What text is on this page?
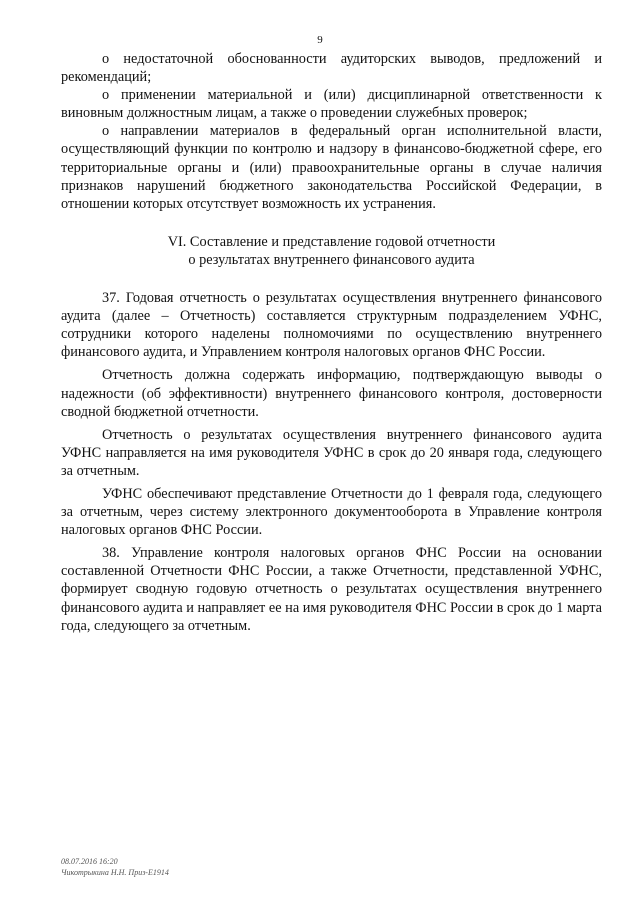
9

о недостаточной обоснованности аудиторских выводов, предложений и рекомендаций;

о применении материальной и (или) дисциплинарной ответственности к виновным должностным лицам, а также о проведении служебных проверок;

о направлении материалов в федеральный орган исполнительной власти, осуществляющий функции по контролю и надзору в финансово-бюджетной сфере, его территориальные органы и (или) правоохранительные органы в случае наличия признаков нарушений бюджетного законодательства Российской Федерации, в отношении которых отсутствует возможность их устранения.

VI. Составление и представление годовой отчетности
о результатах внутреннего финансового аудита

37. Годовая отчетность о результатах осуществления внутреннего финансового аудита (далее – Отчетность) составляется структурным подразделением УФНС, сотрудники которого наделены полномочиями по осуществлению внутреннего финансового аудита, и Управлением контроля налоговых органов ФНС России.

Отчетность должна содержать информацию, подтверждающую выводы о надежности (об эффективности) внутреннего финансового контроля, достоверности сводной бюджетной отчетности.

Отчетность о результатах осуществления внутреннего финансового аудита УФНС направляется на имя руководителя УФНС в срок до 20 января года, следующего за отчетным.

УФНС обеспечивают представление Отчетности до 1 февраля года, следующего за отчетным, через систему электронного документооборота в Управление контроля налоговых органов ФНС России.

38. Управление контроля налоговых органов ФНС России на основании составленной Отчетности ФНС России, а также Отчетности, представленной УФНС, формирует сводную годовую отчетность о результатах осуществления внутреннего финансового аудита и направляет ее на имя руководителя ФНС России в срок до 1 марта года, следующего за отчетным.

08.07.2016 16:20
Чикотрыкина Н.Н. Приз-E1914
